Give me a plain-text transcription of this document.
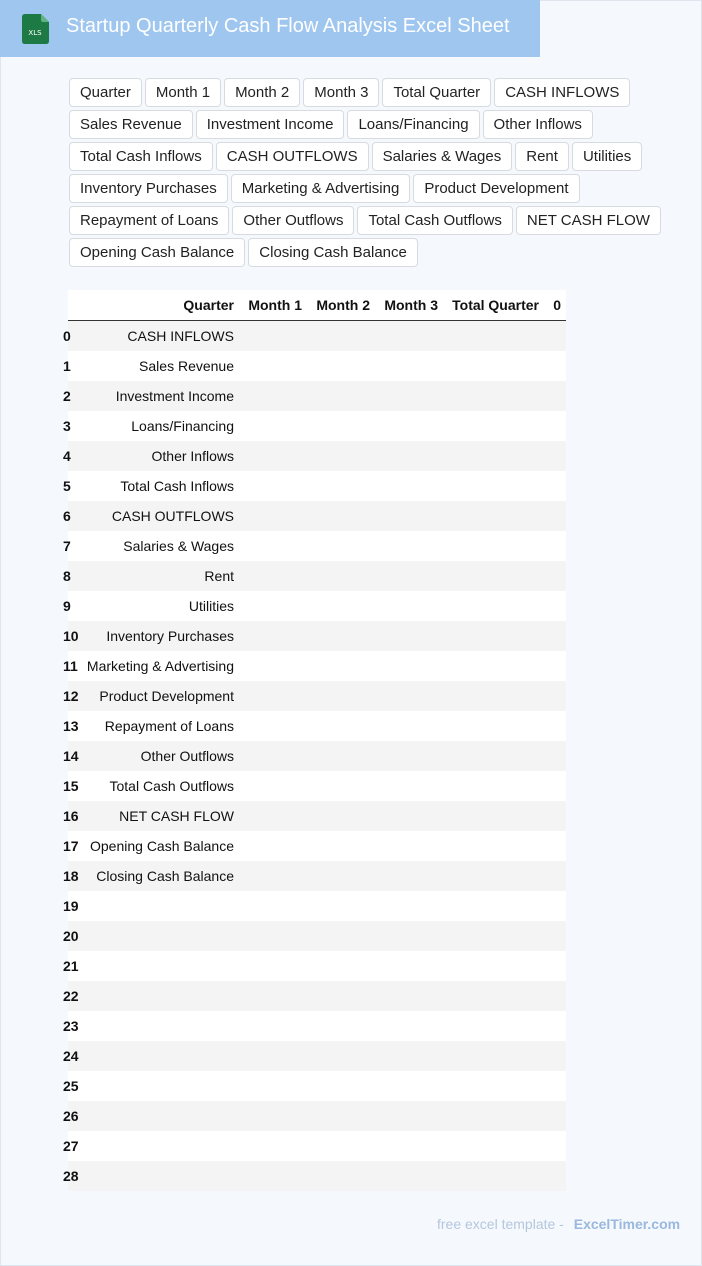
XLS Startup Quarterly Cash Flow Analysis Excel Sheet
Quarter	Month 1	Month 2	Month 3	Total Quarter	CASH INFLOWS
Sales Revenue	Investment Income	Loans/Financing	Other Inflows
Total Cash Inflows	CASH OUTFLOWS	Salaries & Wages	Rent	Utilities
Inventory Purchases	Marketing & Advertising	Product Development
Repayment of Loans	Other Outflows	Total Cash Outflows	NET CASH FLOW
Opening Cash Balance	Closing Cash Balance
	Quarter	Month 1	Month 2	Month 3	Total Quarter	0
0	CASH INFLOWS					
1	Sales Revenue					
2	Investment Income					
3	Loans/Financing					
4	Other Inflows					
5	Total Cash Inflows					
6	CASH OUTFLOWS					
7	Salaries & Wages					
8	Rent					
9	Utilities					
10	Inventory Purchases					
11	Marketing & Advertising					
12	Product Development					
13	Repayment of Loans					
14	Other Outflows					
15	Total Cash Outflows					
16	NET CASH FLOW					
17	Opening Cash Balance					
18	Closing Cash Balance					
19						
20						
21						
22						
23						
24						
25						
26						
27						
28						
free excel template - ExcelTimer.com
